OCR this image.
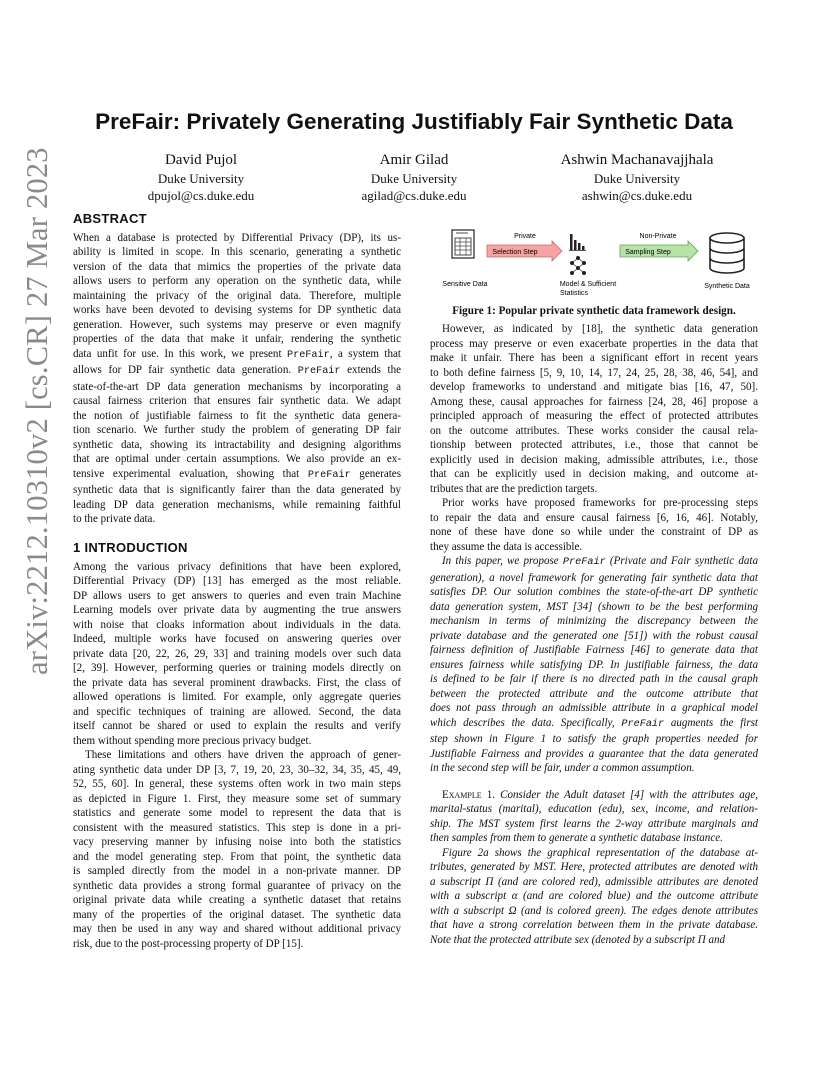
arXiv:2212.10310v2 [cs.CR] 27 Mar 2023
PreFair: Privately Generating Justifiably Fair Synthetic Data
David Pujol
Duke University
dpujol@cs.duke.edu
Amir Gilad
Duke University
agilad@cs.duke.edu
Ashwin Machanavajjhala
Duke University
ashwin@cs.duke.edu
ABSTRACT
When a database is protected by Differential Privacy (DP), its us-
ability is limited in scope. In this scenario, generating a synthetic
version of the data that mimics the properties of the private data
allows users to perform any operation on the synthetic data, while
maintaining the privacy of the original data. Therefore, multiple
works have been devoted to devising systems for DP synthetic data
generation. However, such systems may preserve or even magnify
properties of the data that make it unfair, rendering the synthetic
data unfit for use. In this work, we present PreFair, a system that
allows for DP fair synthetic data generation. PreFair extends the
state-of-the-art DP data generation mechanisms by incorporating a
causal fairness criterion that ensures fair synthetic data. We adapt
the notion of justifiable fairness to fit the synthetic data genera-
tion scenario. We further study the problem of generating DP fair
synthetic data, showing its intractability and designing algorithms
that are optimal under certain assumptions. We also provide an ex-
tensive experimental evaluation, showing that PreFair generates
synthetic data that is significantly fairer than the data generated by
leading DP data generation mechanisms, while remaining faithful
to the private data.
1 INTRODUCTION
Among the various privacy definitions that have been explored,
Differential Privacy (DP) [13] has emerged as the most reliable.
DP allows users to get answers to queries and even train Machine
Learning models over private data by augmenting the true answers
with noise that cloaks information about individuals in the data.
Indeed, multiple works have focused on answering queries over
private data [20, 22, 26, 29, 33] and training models over such data
[2, 39]. However, performing queries or training models directly on
the private data has several prominent drawbacks. First, the class of
allowed operations is limited. For example, only aggregate queries
and specific techniques of training are allowed. Second, the data
itself cannot be shared or used to explain the results and verify
them without spending more precious privacy budget.
These limitations and others have driven the approach of gener-
ating synthetic data under DP [3, 7, 19, 20, 23, 30–32, 34, 35, 45, 49,
52, 55, 60]. In general, these systems often work in two main steps
as depicted in Figure 1. First, they measure some set of summary
statistics and generate some model to represent the data that is
consistent with the measured statistics. This step is done in a pri-
vacy preserving manner by infusing noise into both the statistics
and the model generating step. From that point, the synthetic data
is sampled directly from the model in a non-private manner. DP
synthetic data provides a strong formal guarantee of privacy on the
original private data while creating a synthetic dataset that retains
many of the properties of the original dataset. The synthetic data
may then be used in any way and shared without additional privacy
risk, due to the post-processing property of DP [15].
Sensitive Data
Private
Selection Step
Model & Sufficient
Statistics
Non-Private
Sampling Step
Synthetic Data
Figure 1: Popular private synthetic data framework design.
However, as indicated by [18], the synthetic data generation
process may preserve or even exacerbate properties in the data that
make it unfair. There has been a significant effort in recent years
to both define fairness [5, 9, 10, 14, 17, 24, 25, 28, 38, 46, 54], and
develop frameworks to understand and mitigate bias [16, 47, 50].
Among these, causal approaches for fairness [24, 28, 46] propose a
principled approach of measuring the effect of protected attributes
on the outcome attributes. These works consider the causal rela-
tionship between protected attributes, i.e., those that cannot be
explicitly used in decision making, admissible attributes, i.e., those
that can be explicitly used in decision making, and outcome at-
tributes that are the prediction targets.
Prior works have proposed frameworks for pre-processing steps
to repair the data and ensure causal fairness [6, 16, 46]. Notably,
none of these have done so while under the constraint of DP as
they assume the data is accessible.
In this paper, we propose PreFair (Private and Fair synthetic data
generation), a novel framework for generating fair synthetic data that
satisfies DP. Our solution combines the state-of-the-art DP synthetic
data generation system, MST [34] (shown to be the best performing
mechanism in terms of minimizing the discrepancy between the
private database and the generated one [51]) with the robust causal
fairness definition of Justifiable Fairness [46] to generate data that
ensures fairness while satisfying DP. In justifiable fairness, the data
is defined to be fair if there is no directed path in the causal graph
between the protected attribute and the outcome attribute that
does not pass through an admissible attribute in a graphical model
which describes the data. Specifically, PreFair augments the first
step shown in Figure 1 to satisfy the graph properties needed for
Justifiable Fairness and provides a guarantee that the data generated
in the second step will be fair, under a common assumption.
Example 1. Consider the Adult dataset [4] with the attributes age,
marital-status (marital), education (edu), sex, income, and relation-
ship. The MST system first learns the 2-way attribute marginals and
then samples from them to generate a synthetic database instance.
Figure 2a shows the graphical representation of the database at-
tributes, generated by MST. Here, protected attributes are denoted with
a subscript Π (and are colored red), admissible attributes are denoted
with a subscript α (and are colored blue) and the outcome attribute
with a subscript Ω (and is colored green). The edges denote attributes
that have a strong correlation between them in the private database.
Note that the protected attribute sex (denoted by a subscript Π and
